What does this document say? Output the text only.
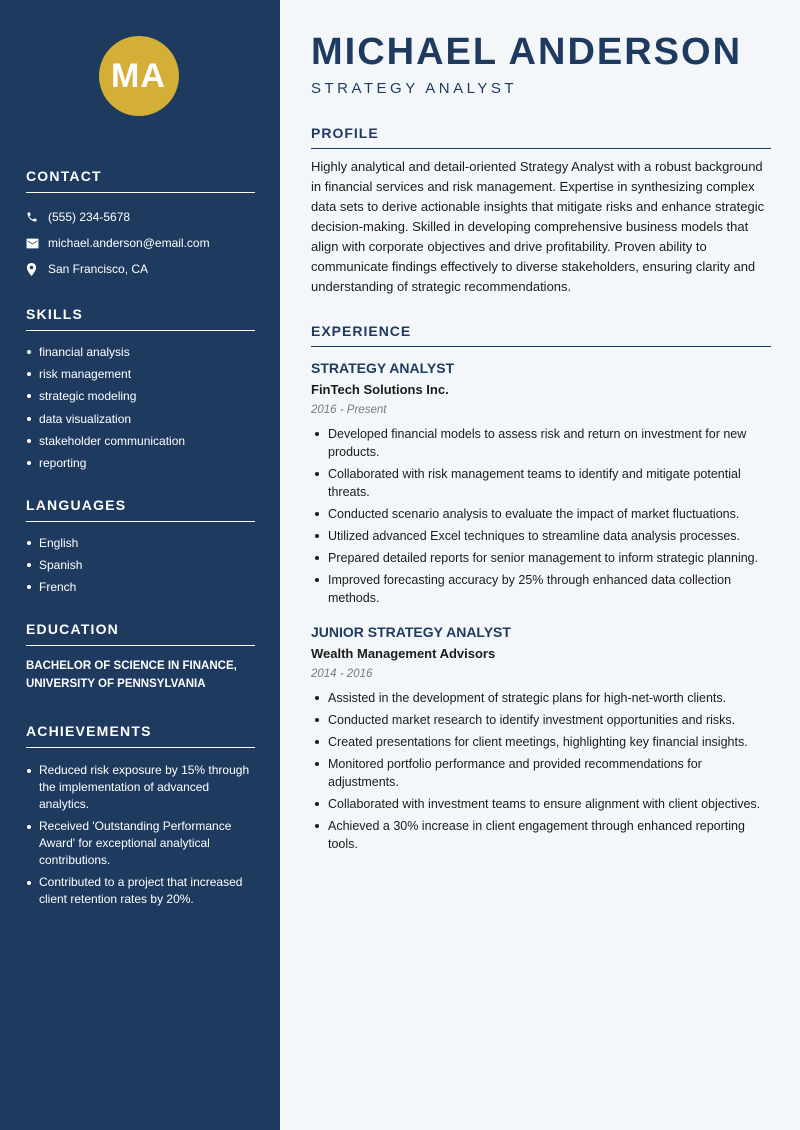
MA
CONTACT
(555) 234-5678
michael.anderson@email.com
San Francisco, CA
SKILLS
financial analysis
risk management
strategic modeling
data visualization
stakeholder communication
reporting
LANGUAGES
English
Spanish
French
EDUCATION

BACHELOR OF SCIENCE IN FINANCE, UNIVERSITY OF PENNSYLVANIA

ACHIEVEMENTS
Reduced risk exposure by 15% through the implementation of advanced analytics.
Received 'Outstanding Performance Award' for exceptional analytical contributions.
Contributed to a project that increased client retention rates by 20%.
MICHAEL ANDERSON
STRATEGY ANALYST
PROFILE

Highly analytical and detail-oriented Strategy Analyst with a robust background in financial services and risk management. Expertise in synthesizing complex data sets to derive actionable insights that mitigate risks and enhance strategic decision-making. Skilled in developing comprehensive business models that align with corporate objectives and drive profitability. Proven ability to communicate findings effectively to diverse stakeholders, ensuring clarity and understanding of strategic recommendations.

EXPERIENCE
STRATEGY ANALYST
FinTech Solutions Inc.
2016 - Present
Developed financial models to assess risk and return on investment for new products.
Collaborated with risk management teams to identify and mitigate potential threats.
Conducted scenario analysis to evaluate the impact of market fluctuations.
Utilized advanced Excel techniques to streamline data analysis processes.
Prepared detailed reports for senior management to inform strategic planning.
Improved forecasting accuracy by 25% through enhanced data collection methods.
JUNIOR STRATEGY ANALYST
Wealth Management Advisors
2014 - 2016
Assisted in the development of strategic plans for high-net-worth clients.
Conducted market research to identify investment opportunities and risks.
Created presentations for client meetings, highlighting key financial insights.
Monitored portfolio performance and provided recommendations for adjustments.
Collaborated with investment teams to ensure alignment with client objectives.
Achieved a 30% increase in client engagement through enhanced reporting tools.
